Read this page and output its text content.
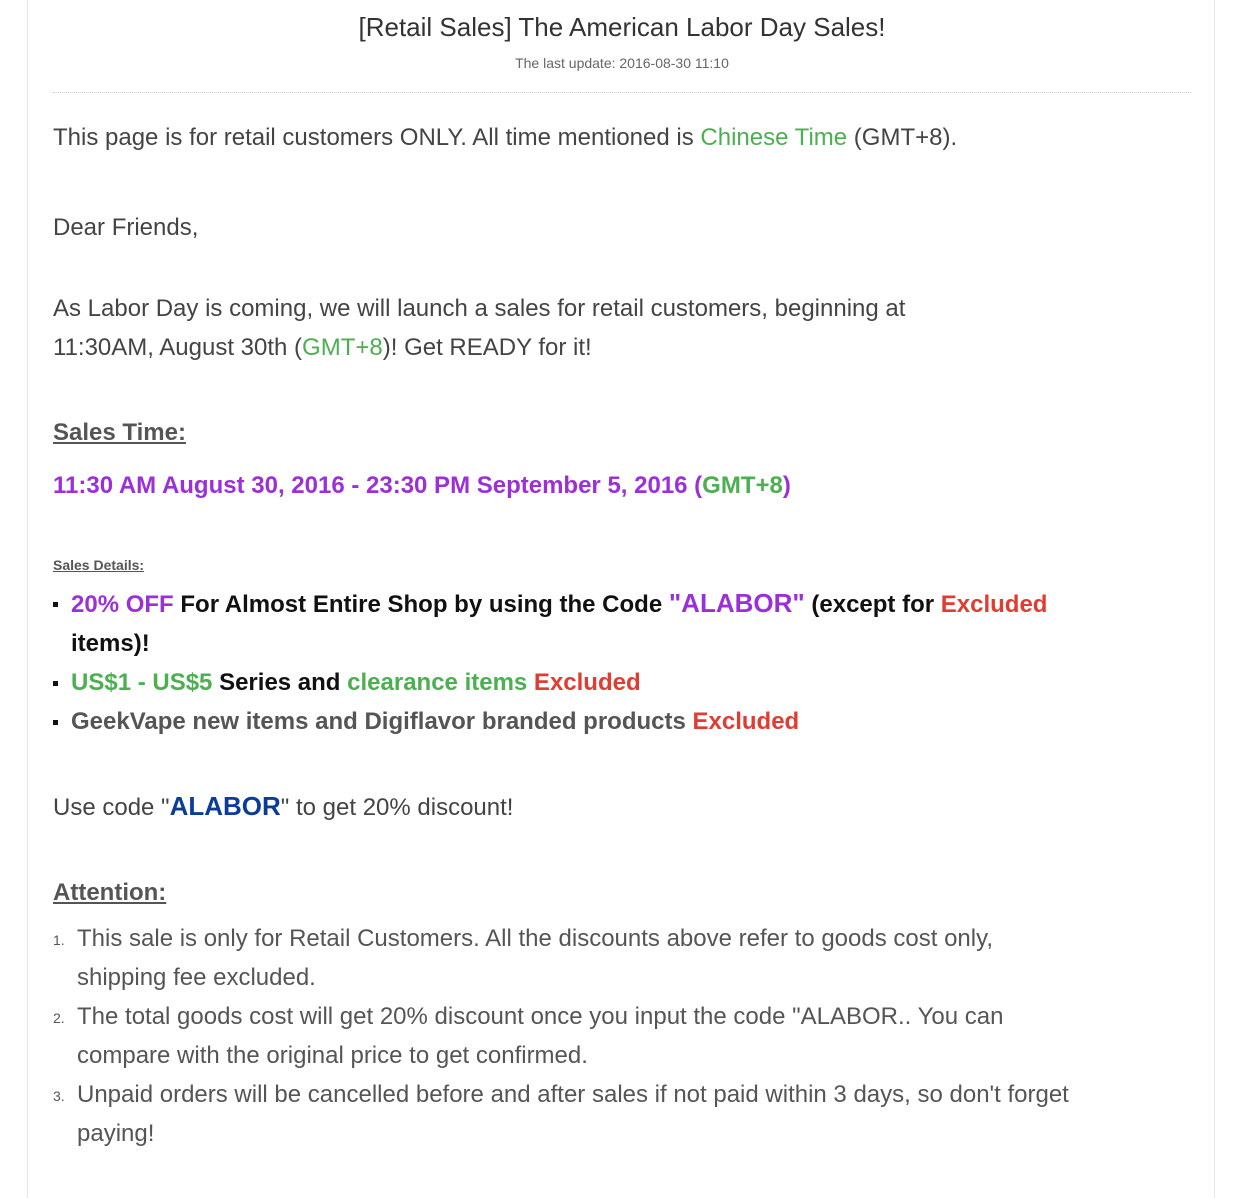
[Retail Sales] The American Labor Day Sales!
The last update: 2016-08-30 11:10
This page is for retail customers ONLY. All time mentioned is Chinese Time (GMT+8).
Dear Friends,
As Labor Day is coming, we will launch a sales for retail customers, beginning at
11:30AM, August 30th (GMT+8)! Get READY for it!
Sales Time:
11:30 AM August 30, 2016 - 23:30 PM September 5, 2016 (GMT+8)
Sales Details:
20% OFF For Almost Entire Shop by using the Code "ALABOR" (except for Excluded
items)!
US$1 - US$5 Series and clearance items Excluded
GeekVape new items and Digiflavor branded products Excluded
Use code "ALABOR" to get 20% discount!
Attention:
1. This sale is only for Retail Customers. All the discounts above refer to goods cost only,
shipping fee excluded.
2. The total goods cost will get 20% discount once you input the code "ALABOR.. You can
compare with the original price to get confirmed.
3. Unpaid orders will be cancelled before and after sales if not paid within 3 days, so don't forget
paying!
